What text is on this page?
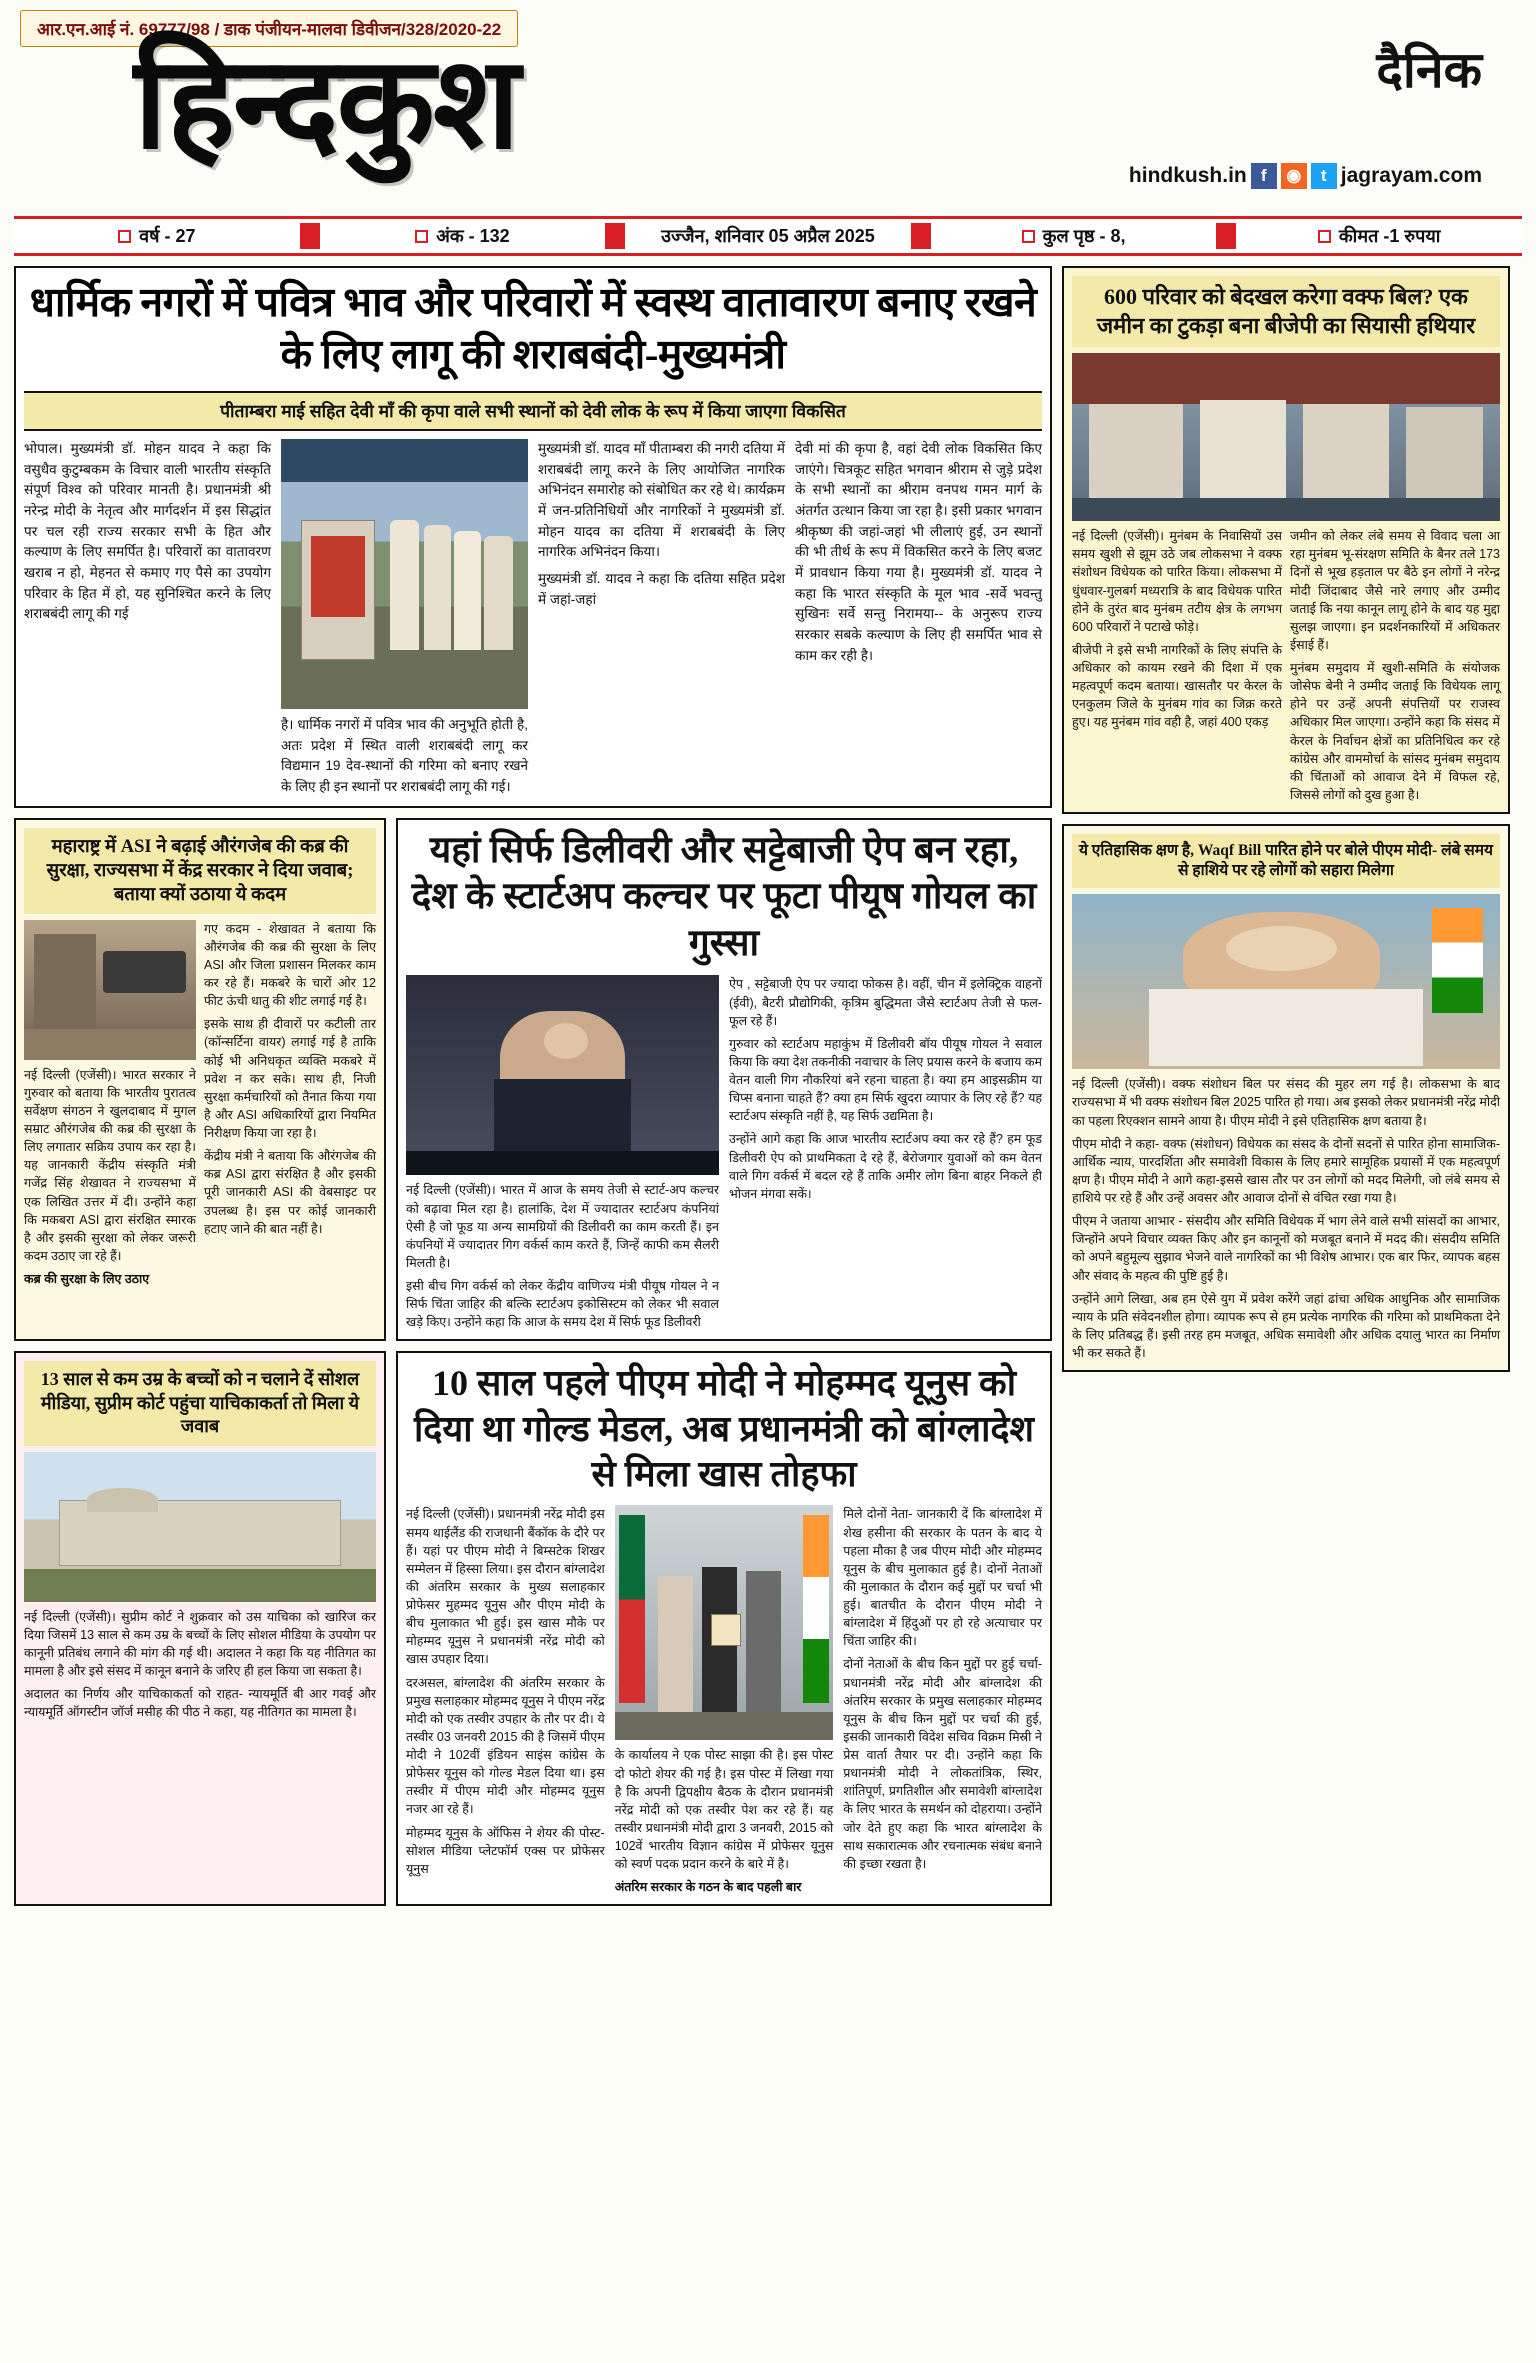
आर.एन.आई नं. 69777/98 / डाक पंजीयन-मालवा डिवीजन/328/2020-22
दैनिक
हिन्दकुश
hindkush.in f	◉	t jagrayam.com
वर्ष - 27	अंक - 132	उज्जैन, शनिवार 05 अप्रैल 2025	कुल पृष्ठ - 8,	कीमत -1 रुपया
धार्मिक नगरों में पवित्र भाव और परिवारों में स्वस्थ वातावारण बनाए रखने के लिए लागू की शराबबंदी-मुख्यमंत्री
पीताम्बरा माई सहित देवी माँ की कृपा वाले सभी स्थानों को देवी लोक के रूप में किया जाएगा विकसित
भोपाल। मुख्यमंत्री डॉ. मोहन यादव ने कहा कि वसुधैव कुटुम्बकम के विचार वाली भारतीय संस्कृति संपूर्ण विश्व को परिवार मानती है। प्रधानमंत्री श्री नरेन्द्र मोदी के नेतृत्व और मार्गदर्शन में इस सिद्धांत पर चल रही राज्य सरकार सभी के हित और कल्याण के लिए समर्पित है। परिवारों का वातावरण खराब न हो, मेहनत से कमाए गए पैसे का उपयोग परिवार के हित में हो, यह सुनिश्चित करने के लिए शराबबंदी लागू की गई
है। धार्मिक नगरों में पवित्र भाव की अनुभूति होती है, अतः प्रदेश में स्थित वाली शराबबंदी लागू कर विद्यमान 19 देव-स्थानों की गरिमा को बनाए रखने के लिए ही इन स्थानों पर शराबबंदी लागू की गई।
मुख्यमंत्री डॉ. यादव माँ पीताम्बरा की नगरी दतिया में शराबबंदी लागू करने के लिए आयोजित नागरिक अभिनंदन समारोह को संबोधित कर रहे थे। कार्यक्रम में जन-प्रतिनिधियों और नागरिकों ने मुख्यमंत्री डॉ. मोहन यादव का दतिया में शराबबंदी के लिए नागरिक अभिनंदन किया।
मुख्यमंत्री डॉ. यादव ने कहा कि दतिया सहित प्रदेश में जहां-जहां
देवी मां की कृपा है, वहां देवी लोक विकसित किए जाएंगे। चित्रकूट सहित भगवान श्रीराम से जुड़े प्रदेश के सभी स्थानों का श्रीराम वनपथ गमन मार्ग के अंतर्गत उत्थान किया जा रहा है। इसी प्रकार भगवान श्रीकृष्ण की जहां-जहां भी लीलाएं हुई, उन स्थानों की भी तीर्थ के रूप में विकसित करने के लिए बजट में प्रावधान किया गया है। मुख्यमंत्री डॉ. यादव ने कहा कि भारत संस्कृति के मूल भाव -सर्वे भवन्तु सुखिनः सर्वे सन्तु निरामया-- के अनुरूप राज्य सरकार सबके कल्याण के लिए ही समर्पित भाव से काम कर रही है।
महाराष्ट्र में ASI ने बढ़ाई औरंगजेब की कब्र की सुरक्षा, राज्यसभा में केंद्र सरकार ने दिया जवाब; बताया क्यों उठाया ये कदम
नई दिल्ली (एजेंसी)। भारत सरकार ने गुरुवार को बताया कि भारतीय पुरातत्व सर्वेक्षण संगठन ने खुलदाबाद में मुगल सम्राट औरंगजेब की कब्र की सुरक्षा के लिए लगातार सक्रिय उपाय कर रहा है। यह जानकारी केंद्रीय संस्कृति मंत्री गजेंद्र सिंह शेखावत ने राज्यसभा में एक लिखित उत्तर में दी। उन्होंने कहा कि मकबरा ASI द्वारा संरक्षित स्मारक है और इसकी सुरक्षा को लेकर जरूरी कदम उठाए जा रहे हैं।
कब्र की सुरक्षा के लिए उठाए
गए कदम - शेखावत ने बताया कि औरंगजेब की कब्र की सुरक्षा के लिए ASI और जिला प्रशासन मिलकर काम कर रहे हैं। मकबरे के चारों ओर 12 फीट ऊंची धातु की शीट लगाई गई है।
इसके साथ ही दीवारों पर कटीली तार (कॉन्सर्टिना वायर) लगाई गई है ताकि कोई भी अनिधकृत व्यक्ति मकबरे में प्रवेश न कर सके। साथ ही, निजी सुरक्षा कर्मचारियों को तैनात किया गया है और ASI अधिकारियों द्वारा नियमित निरीक्षण किया जा रहा है।
केंद्रीय मंत्री ने बताया कि औरंगजेब की कब्र ASI द्वारा संरक्षित है और इसकी पूरी जानकारी ASI की वेबसाइट पर उपलब्ध है। इस पर कोई जानकारी हटाए जाने की बात नहीं है।
यहां सिर्फ डिलीवरी और सट्टेबाजी ऐप बन रहा, देश के स्टार्टअप कल्चर पर फूटा पीयूष गोयल का गुस्सा
नई दिल्ली (एजेंसी)। भारत में आज के समय तेजी से स्टार्ट-अप कल्चर को बढ़ावा मिल रहा है। हालांकि, देश में ज्यादातर स्टार्टअप कंपनियां ऐसी है जो फूड या अन्य सामग्रियों की डिलीवरी का काम करती हैं। इन कंपनियों में ज्यादातर गिग वर्कर्स काम करते हैं, जिन्हें काफी कम सैलरी मिलती है।
इसी बीच गिग वर्कर्स को लेकर केंद्रीय वाणिज्य मंत्री पीयूष गोयल ने न सिर्फ चिंता जाहिर की बल्कि स्टार्टअप इकोसिस्टम को लेकर भी सवाल खड़े किए। उन्होंने कहा कि आज के समय देश में सिर्फ फूड डिलीवरी
ऐप , सट्टेबाजी ऐप पर ज्यादा फोकस है। वहीं, चीन में इलेक्ट्रिक वाहनों (ईवी), बैटरी प्रौद्योगिकी, कृत्रिम बुद्धिमता जैसे स्टार्टअप तेजी से फल-फूल रहे हैं।
गुरुवार को स्टार्टअप महाकुंभ में डिलीवरी बॉय पीयूष गोयल ने सवाल किया कि क्या देश तकनीकी नवाचार के लिए प्रयास करने के बजाय कम वेतन वाली गिग नौकरियां बने रहना चाहता है। क्या हम आइसक्रीम या चिप्स बनाना चाहते हैं? क्या हम सिर्फ खुदरा व्यापार के लिए रहे हैं? यह स्टार्टअप संस्कृति नहीं है, यह सिर्फ उद्यमिता है।
उन्होंने आगे कहा कि आज भारतीय स्टार्टअप क्या कर रहे हैं? हम फूड डिलीवरी ऐप को प्राथमिकता दे रहे हैं, बेरोजगार युवाओं को कम वेतन वाले गिग वर्कर्स में बदल रहे हैं ताकि अमीर लोग बिना बाहर निकले ही भोजन मंगवा सकें।
13 साल से कम उम्र के बच्चों को न चलाने दें सोशल मीडिया, सुप्रीम कोर्ट पहुंचा याचिकाकर्ता तो मिला ये जवाब
नई दिल्ली (एजेंसी)। सुप्रीम कोर्ट ने शुक्रवार को उस याचिका को खारिज कर दिया जिसमें 13 साल से कम उम्र के बच्चों के लिए सोशल मीडिया के उपयोग पर कानूनी प्रतिबंध लगाने की मांग की गई थी। अदालत ने कहा कि यह नीतिगत का मामला है और इसे संसद में कानून बनाने के जरिए ही हल किया जा सकता है।
अदालत का निर्णय और याचिकाकर्ता को राहत- न्यायमूर्ति बी आर गवई और न्यायमूर्ति ऑगस्टीन जॉर्ज मसीह की पीठ ने कहा, यह नीतिगत का मामला है।
10 साल पहले पीएम मोदी ने मोहम्मद यूनुस को दिया था गोल्ड मेडल, अब प्रधानमंत्री को बांग्लादेश से मिला खास तोहफा
नई दिल्ली (एजेंसी)। प्रधानमंत्री नरेंद्र मोदी इस समय थाईलैंड की राजधानी बैंकॉक के दौरे पर हैं। यहां पर पीएम मोदी ने बिम्सटेक शिखर सम्मेलन में हिस्सा लिया। इस दौरान बांग्लादेश की अंतरिम सरकार के मुख्य सलाहकार प्रोफेसर मुहम्मद यूनुस और पीएम मोदी के बीच मुलाकात भी हुई। इस खास मौके पर मोहम्मद यूनुस ने प्रधानमंत्री नरेंद्र मोदी को खास उपहार दिया।
दरअसल, बांग्लादेश की अंतरिम सरकार के प्रमुख सलाहकार मोहम्मद यूनुस ने पीएम नरेंद्र मोदी को एक तस्वीर उपहार के तौर पर दी। ये तस्वीर 03 जनवरी 2015 की है जिसमें पीएम मोदी ने 102वीं इंडियन साइंस कांग्रेस के प्रोफेसर यूनुस को गोल्ड मेडल दिया था। इस तस्वीर में पीएम मोदी और मोहम्मद यूनुस नजर आ रहे हैं।
मोहम्मद यूनुस के ऑफिस ने शेयर की पोस्ट- सोशल मीडिया प्लेटफॉर्म एक्स पर प्रोफेसर यूनुस
के कार्यालय ने एक पोस्ट साझा की है। इस पोस्ट दो फोटो शेयर की गई है। इस पोस्ट में लिखा गया है कि अपनी द्विपक्षीय बैठक के दौरान प्रधानमंत्री नरेंद्र मोदी को एक तस्वीर पेश कर रहे हैं। यह तस्वीर प्रधानमंत्री मोदी द्वारा 3 जनवरी, 2015 को 102वें भारतीय विज्ञान कांग्रेस में प्रोफेसर यूनुस को स्वर्ण पदक प्रदान करने के बारे में है।
अंतरिम सरकार के गठन के बाद पहली बार
मिले दोनों नेता- जानकारी दें कि बांग्लादेश में शेख हसीना की सरकार के पतन के बाद ये पहला मौका है जब पीएम मोदी और मोहम्मद यूनुस के बीच मुलाकात हुई है। दोनों नेताओं की मुलाकात के दौरान कई मुद्दों पर चर्चा भी हुई। बातचीत के दौरान पीएम मोदी ने बांग्लादेश में हिंदुओं पर हो रहे अत्याचार पर चिंता जाहिर की।
दोनों नेताओं के बीच किन मुद्दों पर हुई चर्चा- प्रधानमंत्री नरेंद्र मोदी और बांग्लादेश की अंतरिम सरकार के प्रमुख सलाहकार मोहम्मद यूनुस के बीच किन मुद्दों पर चर्चा की हुई, इसकी जानकारी विदेश सचिव विक्रम मिस्री ने प्रेस वार्ता तैयार पर दी। उन्होंने कहा कि प्रधानमंत्री मोदी ने लोकतांत्रिक, स्थिर, शांतिपूर्ण, प्रगतिशील और समावेशी बांग्लादेश के लिए भारत के समर्थन को दोहराया। उन्होंने जोर देते हुए कहा कि भारत बांग्लादेश के साथ सकारात्मक और रचनात्मक संबंध बनाने की इच्छा रखता है।
600 परिवार को बेदखल करेगा वक्फ बिल? एक जमीन का टुकड़ा बना बीजेपी का सियासी हथियार
नई दिल्ली (एजेंसी)। मुनंबम के निवासियों उस समय खुशी से झूम उठे जब लोकसभा ने वक्फ संशोधन विधेयक को पारित किया। लोकसभा में धुंधवार-गुलबर्ग मध्यरात्रि के बाद विधेयक पारित होने के तुरंत बाद मुनंबम तटीय क्षेत्र के लगभग 600 परिवारों ने पटाखे फोड़े।
बीजेपी ने इसे सभी नागरिकों के लिए संपत्ति के अधिकार को कायम रखने की दिशा में एक महत्वपूर्ण कदम बताया। खासतौर पर केरल के एनकुलम जिले के मुनंबम गांव का जिक्र करते हुए। यह मुनंबम गांव वही है, जहां 400 एकड़
जमीन को लेकर लंबे समय से विवाद चला आ रहा मुनंबम भू-संरक्षण समिति के बैनर तले 173 दिनों से भूख हड़ताल पर बैठे इन लोगों ने नरेन्द्र मोदी जिंदाबाद जैसे नारे लगाए और उम्मीद जताई कि नया कानून लागू होने के बाद यह मुद्दा सुलझ जाएगा। इन प्रदर्शनकारियों में अधिकतर ईसाई हैं।
मुनंबम समुदाय में खुशी-समिति के संयोजक जोसेफ बेनी ने उम्मीद जताई कि विधेयक लागू होने पर उन्हें अपनी संपत्तियों पर राजस्व अधिकार मिल जाएगा। उन्होंने कहा कि संसद में केरल के निर्वाचन क्षेत्रों का प्रतिनिधित्व कर रहे कांग्रेस और वाममोर्चा के सांसद मुनंबम समुदाय की चिंताओं को आवाज देने में विफल रहे, जिससे लोगों को दुख हुआ है।
ये एतिहासिक क्षण है, Waqf Bill पारित होने पर बोले पीएम मोदी- लंबे समय से हाशिये पर रहे लोगों को सहारा मिलेगा
नई दिल्ली (एजेंसी)। वक्फ संशोधन बिल पर संसद की मुहर लग गई है। लोकसभा के बाद राज्यसभा में भी वक्फ संशोधन बिल 2025 पारित हो गया। अब इसको लेकर प्रधानमंत्री नरेंद्र मोदी का पहला रिएक्शन सामने आया है। पीएम मोदी ने इसे एतिहासिक क्षण बताया है।
पीएम मोदी ने कहा- वक्फ (संशोधन) विधेयक का संसद के दोनों सदनों से पारित होना सामाजिक-आर्थिक न्याय, पारदर्शिता और समावेशी विकास के लिए हमारे सामूहिक प्रयासों में एक महत्वपूर्ण क्षण है। पीएम मोदी ने आगे कहा-इससे खास तौर पर उन लोगों को मदद मिलेगी, जो लंबे समय से हाशिये पर रहे हैं और उन्हें अवसर और आवाज दोनों से वंचित रखा गया है।
पीएम ने जताया आभार - संसदीय और समिति विधेयक में भाग लेने वाले सभी सांसदों का आभार, जिन्होंने अपने विचार व्यक्त किए और इन कानूनों को मजबूत बनाने में मदद की। संसदीय समिति को अपने बहुमूल्य सुझाव भेजने वाले नागरिकों का भी विशेष आभार। एक बार फिर, व्यापक बहस और संवाद के महत्व की पुष्टि हुई है।
उन्होंने आगे लिखा, अब हम ऐसे युग में प्रवेश करेंगे जहां ढांचा अधिक आधुनिक और सामाजिक न्याय के प्रति संवेदनशील होगा। व्यापक रूप से हम प्रत्येक नागरिक की गरिमा को प्राथमिकता देने के लिए प्रतिबद्ध हैं। इसी तरह हम मजबूत, अधिक समावेशी और अधिक दयालु भारत का निर्माण भी कर सकते हैं।
